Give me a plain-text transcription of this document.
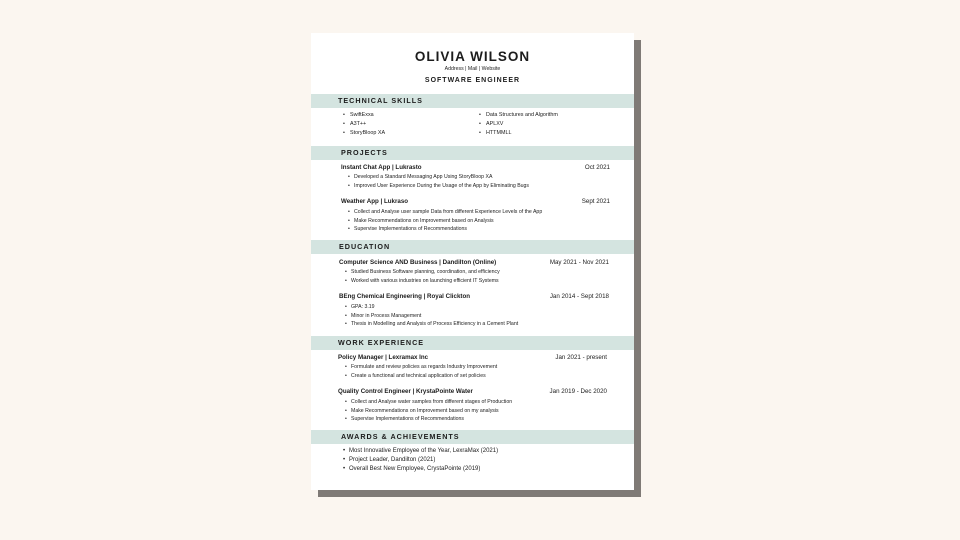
OLIVIA WILSON
Address | Mail | Website
SOFTWARE ENGINEER
TECHNICAL SKILLS
• SwiftExxa
• A3T++
• StoryBloop XA
• Data Structures and Algorithm
• APLXV
• HTTMMLL
PROJECTS
Instant Chat App | Lukrasto	Oct 2021
• Developed a Standard Messaging App Using StoryBloop XA
• Improved User Experience During the Usage of the App by Eliminating Bugs
Weather App | Lukraso	Sept 2021
• Collect and Analyse user sample Data from different Experience Levels of the App
• Make Recommendations on Improvement based on Analysis
• Supervise Implementations of Recommendations
EDUCATION
Computer Science AND Business | Dandilton (Online)	May 2021 - Nov 2021
• Studied Business Software planning, coordination, and efficiency
• Worked with various industries on launching efficient IT Systems
BEng Chemical Engineering | Royal Clickton	Jan 2014 - Sept 2018
• GPA: 3.19
• Minor in Process Management
• Thesis in Modelling and Analysis of Process Efficiency in a Cement Plant
WORK EXPERIENCE
Policy Manager | Lexramax Inc	Jan 2021 - present
• Formulate and review policies as regards Industry Improvement
• Create a functional and technical application of set policies
Quality Control Engineer | KrystaPointe Water	Jan 2019 - Dec 2020
• Collect and Analyse water samples from different stages of Production
• Make Recommendations on Improvement based on my analysis
• Supervise Implementations of Recommendations
AWARDS & ACHIEVEMENTS
• Most Innovative Employee of the Year, LexraMax (2021)
• Project Leader, Dandilton (2021)
• Overall Best New Employee, CrystaPointe (2019)
